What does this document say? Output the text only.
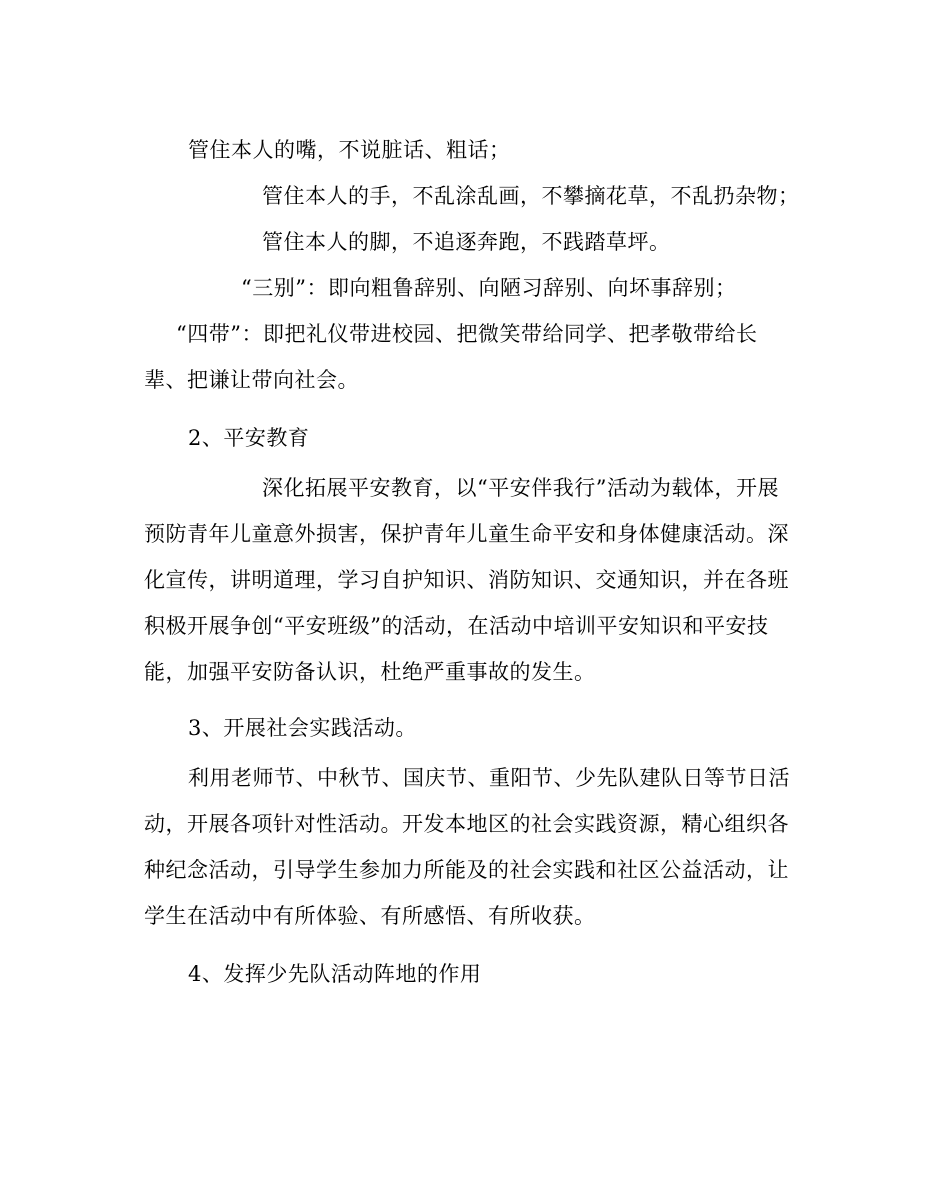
管住本人的嘴，不说脏话、粗话；
管住本人的手，不乱涂乱画，不攀摘花草，不乱扔杂物；
管住本人的脚，不追逐奔跑，不践踏草坪。
“三别”：即向粗鲁辞别、向陋习辞别、向坏事辞别；
“四带”：即把礼仪带进校园、把微笑带给同学、把孝敬带给长
辈、把谦让带向社会。
2、平安教育
深化拓展平安教育，以“平安伴我行”活动为载体，开展
预防青年儿童意外损害，保护青年儿童生命平安和身体健康活动。深
化宣传，讲明道理，学习自护知识、消防知识、交通知识，并在各班
积极开展争创“平安班级”的活动，在活动中培训平安知识和平安技
能，加强平安防备认识，杜绝严重事故的发生。
3、开展社会实践活动。
利用老师节、中秋节、国庆节、重阳节、少先队建队日等节日活
动，开展各项针对性活动。开发本地区的社会实践资源，精心组织各
种纪念活动，引导学生参加力所能及的社会实践和社区公益活动，让
学生在活动中有所体验、有所感悟、有所收获。
4、发挥少先队活动阵地的作用
